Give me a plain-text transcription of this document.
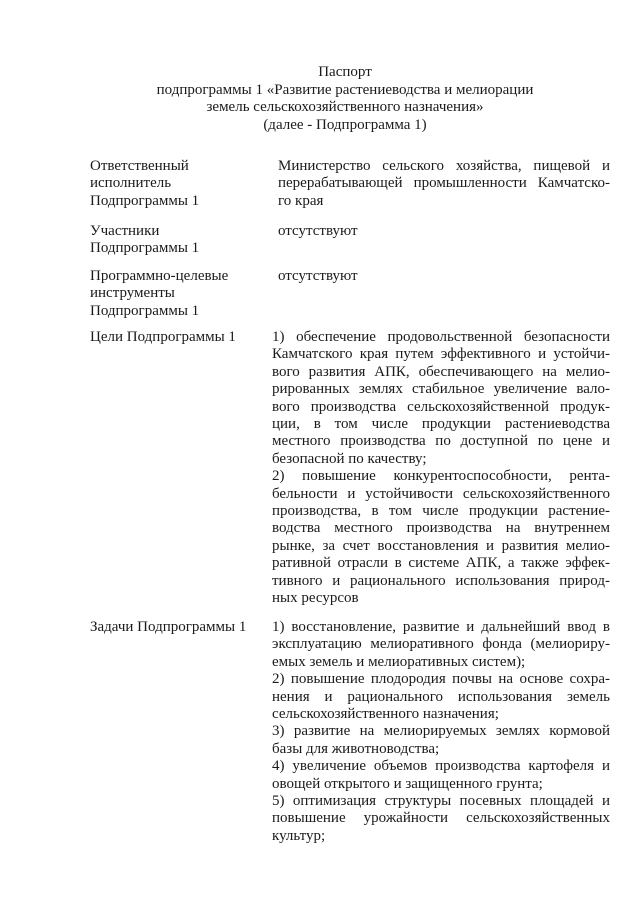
Паспорт
подпрограммы 1 «Развитие растениеводства и мелиорации
земель сельскохозяйственного назначения»
(далее - Подпрограмма 1)
Ответственный
исполнитель
Подпрограммы 1
Министерство сельского хозяйства, пищевой и
перерабатывающей промышленности Камчатско-
го края
Участники
Подпрограммы 1
отсутствуют
Программно-целевые
инструменты
Подпрограммы 1
отсутствуют
Цели Подпрограммы 1	1) обеспечение продовольственной безопасности
Камчатского края путем эффективного и устойчи-
вого развития АПК, обеспечивающего на мелио-
рированных землях стабильное увеличение вало-
вого производства сельскохозяйственной продук-
ции, в том числе продукции растениеводства
местного производства по доступной по цене и
безопасной по качеству;
2) повышение конкурентоспособности, рента-
бельности и устойчивости сельскохозяйственного
производства, в том числе продукции растение-
водства местного производства на внутреннем
рынке, за счет восстановления и развития мелио-
ративной отрасли в системе АПК, а также эффек-
тивного и рационального использования природ-
ных ресурсов
Задачи Подпрограммы 1	1) восстановление, развитие и дальнейший ввод в
эксплуатацию мелиоративного фонда (мелиориру-
емых земель и мелиоративных систем);
2) повышение плодородия почвы на основе сохра-
нения и рационального использования земель
сельскохозяйственного назначения;
3) развитие на мелиорируемых землях кормовой
базы для животноводства;
4) увеличение объемов производства картофеля и
овощей открытого и защищенного грунта;
5) оптимизация структуры посевных площадей и
повышение урожайности сельскохозяйственных
культур;
